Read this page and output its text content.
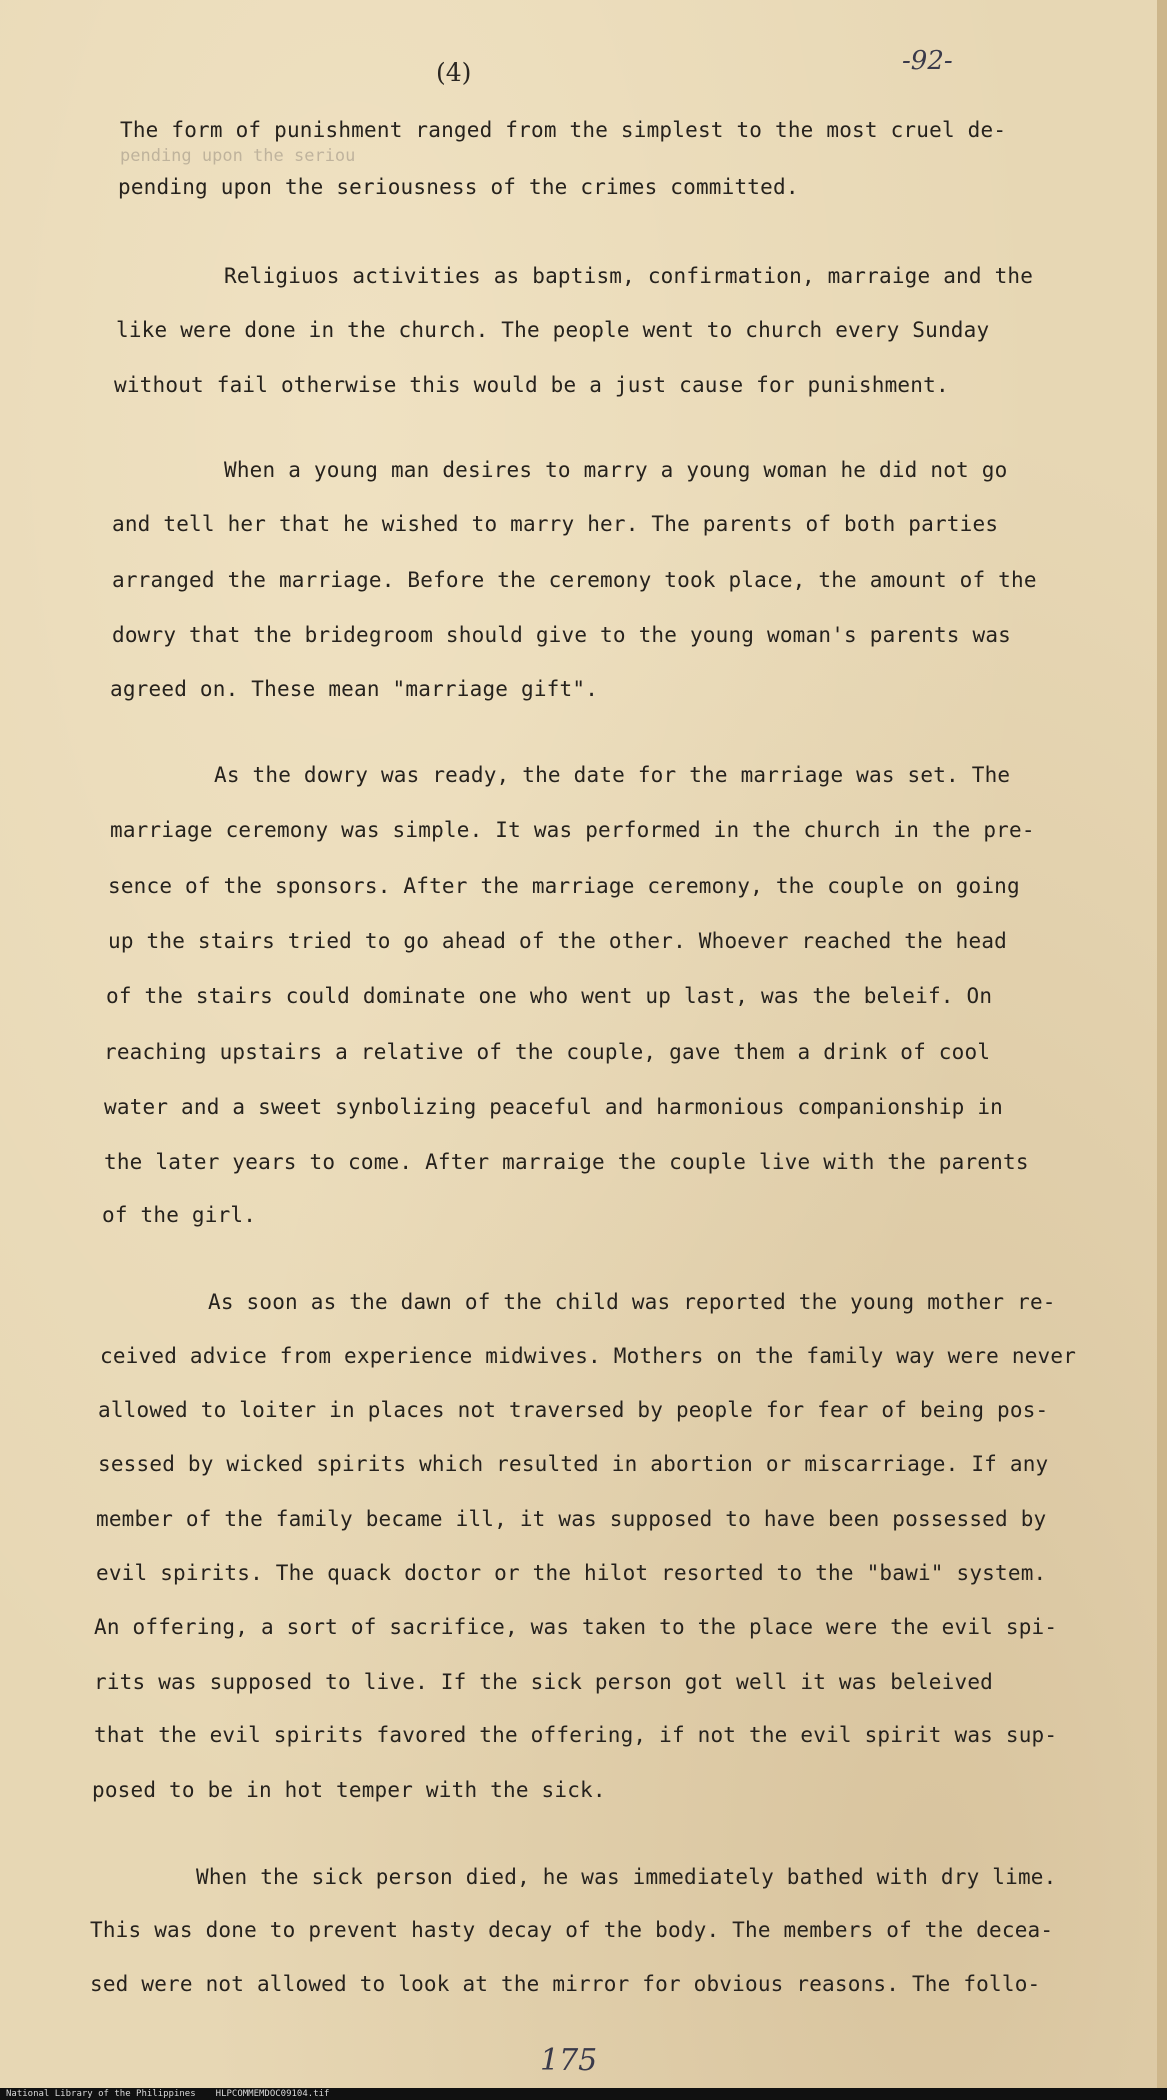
(4)	-92-
pending upon the seriou
The form of punishment ranged from the simplest to the most cruel de-
pending upon the seriousness of the crimes committed.
Religiuos activities as baptism, confirmation, marraige and the
like were done in the church. The people went to church every Sunday
without fail otherwise this would be a just cause for punishment.
When a young man desires to marry a young woman he did not go
and tell her that he wished to marry her. The parents of both parties
arranged the marriage. Before the ceremony took place, the amount of the
dowry that the bridegroom should give to the young woman's parents was
agreed on. These mean "marriage gift".
As the dowry was ready, the date for the marriage was set. The
marriage ceremony was simple. It was performed in the church in the pre-
sence of the sponsors. After the marriage ceremony, the couple on going
up the stairs tried to go ahead of the other. Whoever reached the head
of the stairs could dominate one who went up last, was the beleif. On
reaching upstairs a relative of the couple, gave them a drink of cool
water and a sweet synbolizing peaceful and harmonious companionship in
the later years to come. After marraige the couple live with the parents
of the girl.
As soon as the dawn of the child was reported the young mother re-
ceived advice from experience midwives. Mothers on the family way were never
allowed to loiter in places not traversed by people for fear of being pos-
sessed by wicked spirits which resulted in abortion or miscarriage. If any
member of the family became ill, it was supposed to have been possessed by
evil spirits. The quack doctor or the hilot resorted to the "bawi" system.
An offering, a sort of sacrifice, was taken to the place were the evil spi-
rits was supposed to live. If the sick person got well it was beleived
that the evil spirits favored the offering, if not the evil spirit was sup-
posed to be in hot temper with the sick.
When the sick person died, he was immediately bathed with dry lime.
This was done to prevent hasty decay of the body. The members of the decea-
sed were not allowed to look at the mirror for obvious reasons. The follo-
175
National Library of the Philippines HLPCOMMEMDOC09104.tif
